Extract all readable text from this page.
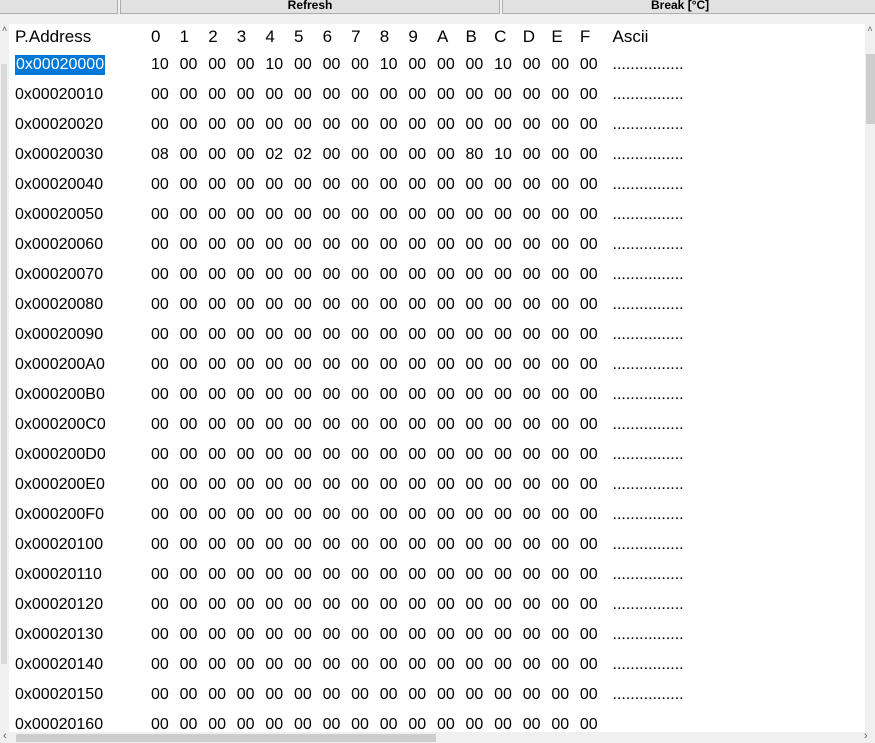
Refresh	Break [°C]
˄ P.Address	0	1	2	3	4	5	6	7	8	9	A	B	C	D	E	F	Ascii
0x00020000	10	00	00	00	10	00	00	00	10	00	00	00	10	00	00	00	................
0x00020010	00	00	00	00	00	00	00	00	00	00	00	00	00	00	00	00	................
0x00020020	00	00	00	00	00	00	00	00	00	00	00	00	00	00	00	00	................
0x00020030	08	00	00	00	02	02	00	00	00	00	00	80	10	00	00	00	................
0x00020040	00	00	00	00	00	00	00	00	00	00	00	00	00	00	00	00	................
0x00020050	00	00	00	00	00	00	00	00	00	00	00	00	00	00	00	00	................
0x00020060	00	00	00	00	00	00	00	00	00	00	00	00	00	00	00	00	................
0x00020070	00	00	00	00	00	00	00	00	00	00	00	00	00	00	00	00	................
0x00020080	00	00	00	00	00	00	00	00	00	00	00	00	00	00	00	00	................
0x00020090	00	00	00	00	00	00	00	00	00	00	00	00	00	00	00	00	................
0x000200A0	00	00	00	00	00	00	00	00	00	00	00	00	00	00	00	00	................
0x000200B0	00	00	00	00	00	00	00	00	00	00	00	00	00	00	00	00	................
0x000200C0	00	00	00	00	00	00	00	00	00	00	00	00	00	00	00	00	................
0x000200D0	00	00	00	00	00	00	00	00	00	00	00	00	00	00	00	00	................
0x000200E0	00	00	00	00	00	00	00	00	00	00	00	00	00	00	00	00	................
0x000200F0	00	00	00	00	00	00	00	00	00	00	00	00	00	00	00	00	................
0x00020100	00	00	00	00	00	00	00	00	00	00	00	00	00	00	00	00	................
0x00020110	00	00	00	00	00	00	00	00	00	00	00	00	00	00	00	00	................
0x00020120	00	00	00	00	00	00	00	00	00	00	00	00	00	00	00	00	................
0x00020130	00	00	00	00	00	00	00	00	00	00	00	00	00	00	00	00	................
0x00020140	00	00	00	00	00	00	00	00	00	00	00	00	00	00	00	00	................
0x00020150	00	00	00	00	00	00	00	00	00	00	00	00	00	00	00	00	................
0x00020160	00	00	00	00	00	00	00	00	00	00	00	00	00	00	00	00	
˄
‹	›
